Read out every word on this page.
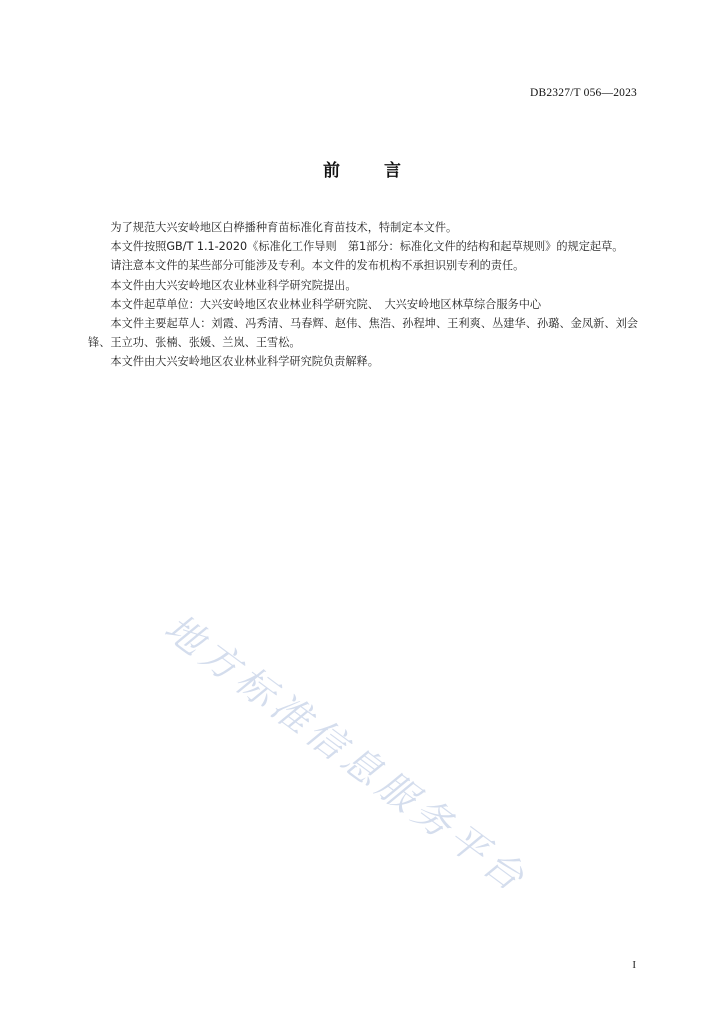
DB2327/T 056—2023
前言

为了规范大兴安岭地区白桦播种育苗标准化育苗技术，特制定本文件。

本文件按照GB/T 1.1-2020《标准化工作导则　第1部分：标准化文件的结构和起草规则》的规定起草。

请注意本文件的某些部分可能涉及专利。本文件的发布机构不承担识别专利的责任。

本文件由大兴安岭地区农业林业科学研究院提出。

本文件起草单位：大兴安岭地区农业林业科学研究院、　大兴安岭地区林草综合服务中心

本文件主要起草人：刘霞、冯秀清、马春辉、赵伟、焦浩、孙程坤、王利爽、丛建华、孙璐、金凤新、刘会锋、王立功、张楠、张媛、兰岚、王雪松。

本文件由大兴安岭地区农业林业科学研究院负责解释。

地方标准信息服务平台
I
